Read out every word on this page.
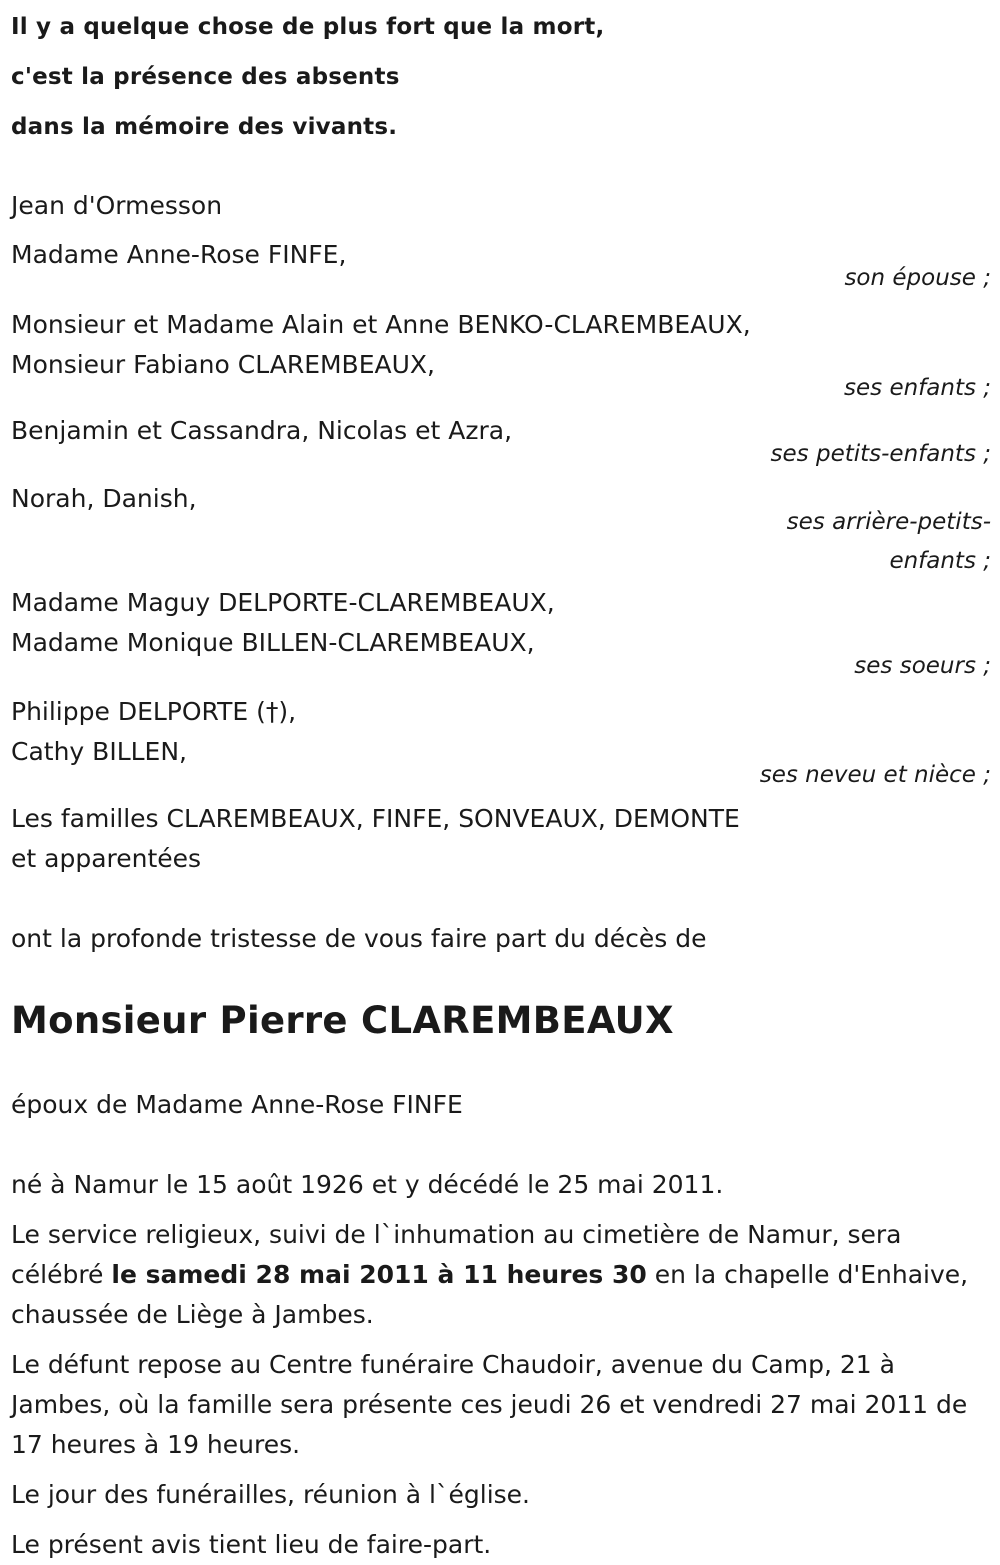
Il y a quelque chose de plus fort que la mort,
c'est la présence des absents
dans la mémoire des vivants.
Jean d'Ormesson
Madame Anne-Rose FINFE,
son épouse ;
Monsieur et Madame Alain et Anne BENKO-CLAREMBEAUX,
Monsieur Fabiano CLAREMBEAUX,
ses enfants ;
Benjamin et Cassandra, Nicolas et Azra,
ses petits-enfants ;
Norah, Danish,
ses arrière-petits-
enfants ;
Madame Maguy DELPORTE-CLAREMBEAUX,
Madame Monique BILLEN-CLAREMBEAUX,
ses soeurs ;
Philippe DELPORTE (†),
Cathy BILLEN,
ses neveu et nièce ;
Les familles CLAREMBEAUX, FINFE, SONVEAUX, DEMONTE
et apparentées
ont la profonde tristesse de vous faire part du décès de
Monsieur Pierre CLAREMBEAUX
époux de Madame Anne-Rose FINFE
né à Namur le 15 août 1926 et y décédé le 25 mai 2011.
Le service religieux, suivi de l`inhumation au cimetière de Namur, sera célébré le samedi 28 mai 2011 à 11 heures 30 en la chapelle d'Enhaive, chaussée de Liège à Jambes.
Le défunt repose au Centre funéraire Chaudoir, avenue du Camp, 21 à Jambes, où la famille sera présente ces jeudi 26 et vendredi 27 mai 2011 de 17 heures à 19 heures.
Le jour des funérailles, réunion à l`église.
Le présent avis tient lieu de faire-part.
